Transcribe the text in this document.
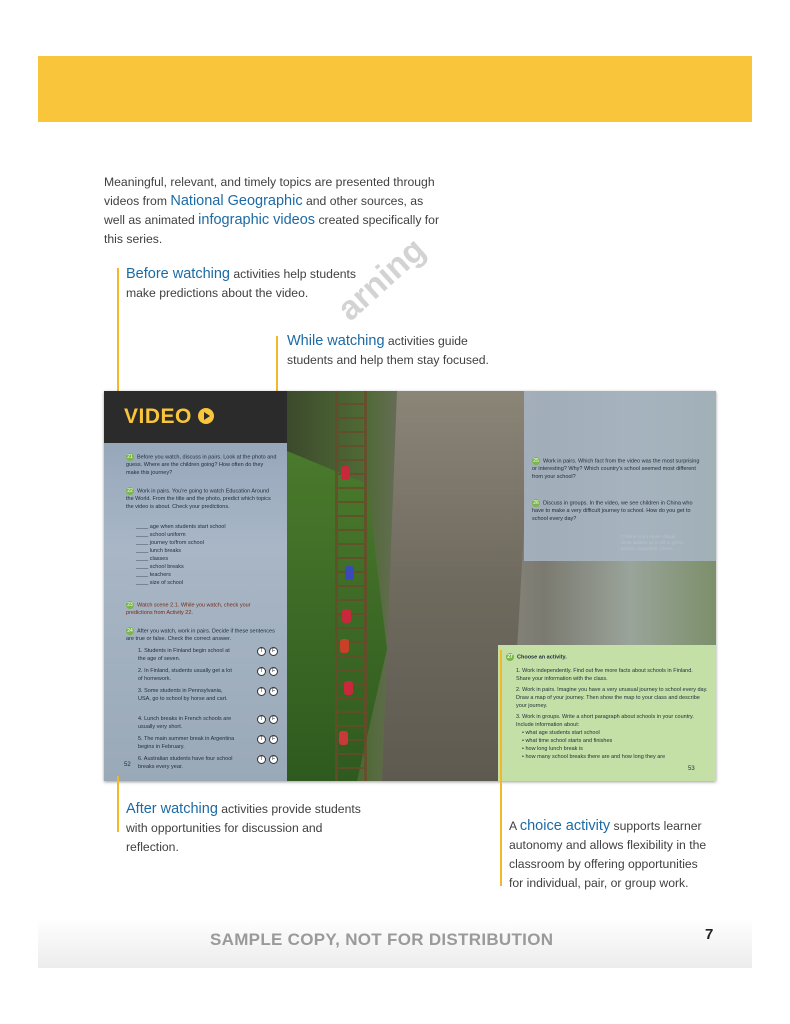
Meaningful, relevant, and timely topics are presented through videos from National Geographic and other sources, as well as animated infographic videos created specifically for this series.
Before watching activities help students make predictions about the video.
While watching activities guide students and help them stay focused.
arning
VIDEO
21 Before you watch, discuss in pairs. Look at the photo and guess. Where are the children going? How often do they make this journey?
22 Work in pairs. You're going to watch Education Around the World. From the title and the photo, predict which topics the video is about. Check your predictions.
____ age when students start school
____ school uniform
____ journey to/from school
____ lunch breaks
____ classes
____ school breaks
____ teachers
____ size of school
23 Watch scene 2.1. While you watch, check your predictions from Activity 22.
24 After you watch, work in pairs. Decide if these sentences are true or false. Check the correct answer.
1. Students in Finland begin school at the age of seven.
T F
2. In Finland, students usually get a lot of homework.
T F
3. Some students in Pennsylvania, USA, go to school by horse and cart.
T F
4. Lunch breaks in French schools are usually very short.
T F
5. The main summer break in Argentina begins in February.
T F
6. Australian students have four school breaks every year.
T F
52
25 Work in pairs. Which fact from the video was the most surprising or interesting? Why? Which country's school seemed most different from your school?
26 Discuss in groups. In the video, we see children in China who have to make a very difficult journey to school. How do you get to school every day?
27 Choose an activity.
1. Work independently. Find out five more facts about schools in Finland. Share your information with the class.
2. Work in pairs. Imagine you have a very unusual journey to school every day. Draw a map of your journey. Then show the map to your class and describe your journey.
3. Work in groups. Write a short paragraph about schools in your country. Include information about:
• what age students start school
• what time school starts and finishes
• how long lunch break is
• how many school breaks there are and how long they are
53
After watching activities provide students with opportunities for discussion and reflection.
A choice activity supports learner autonomy and allows flexibility in the classroom by offering opportunities for individual, pair, or group work.
SAMPLE COPY, NOT FOR DISTRIBUTION	7
